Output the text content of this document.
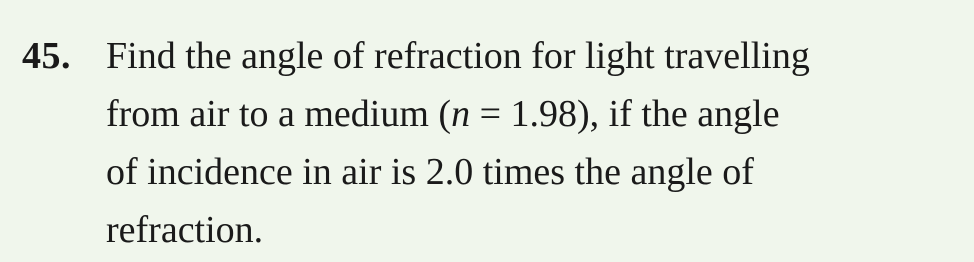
45. Find the angle of refraction for light travelling
from air to a medium (n = 1.98), if the angle
of incidence in air is 2.0 times the angle of
refraction.
